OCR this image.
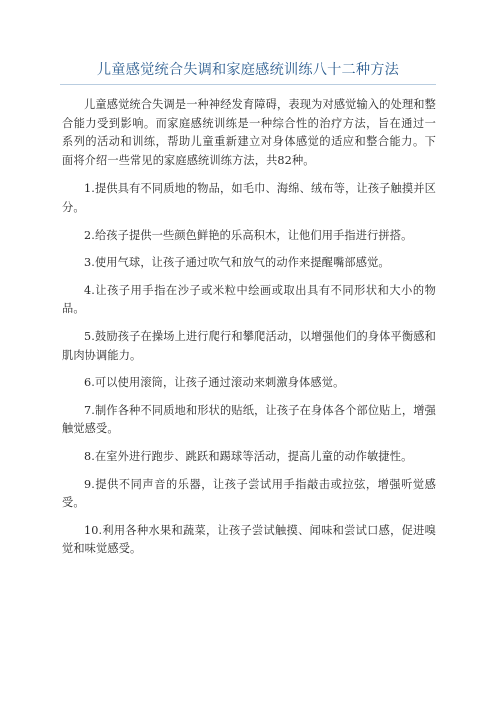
儿童感觉统合失调和家庭感统训练八十二种方法

儿童感觉统合失调是一种神经发育障碍，表现为对感觉输入的处理和整合能力受到影响。而家庭感统训练是一种综合性的治疗方法，旨在通过一系列的活动和训练，帮助儿童重新建立对身体感觉的适应和整合能力。下面将介绍一些常见的家庭感统训练方法，共82种。

1.提供具有不同质地的物品，如毛巾、海绵、绒布等，让孩子触摸并区分。

2.给孩子提供一些颜色鲜艳的乐高积木，让他们用手指进行拼搭。

3.使用气球，让孩子通过吹气和放气的动作来提醒嘴部感觉。

4.让孩子用手指在沙子或米粒中绘画或取出具有不同形状和大小的物品。

5.鼓励孩子在操场上进行爬行和攀爬活动，以增强他们的身体平衡感和肌肉协调能力。

6.可以使用滚筒，让孩子通过滚动来刺激身体感觉。

7.制作各种不同质地和形状的贴纸，让孩子在身体各个部位贴上，增强触觉感受。

8.在室外进行跑步、跳跃和踢球等活动，提高儿童的动作敏捷性。

9.提供不同声音的乐器，让孩子尝试用手指敲击或拉弦，增强听觉感受。

10.利用各种水果和蔬菜，让孩子尝试触摸、闻味和尝试口感，促进嗅觉和味觉感受。
